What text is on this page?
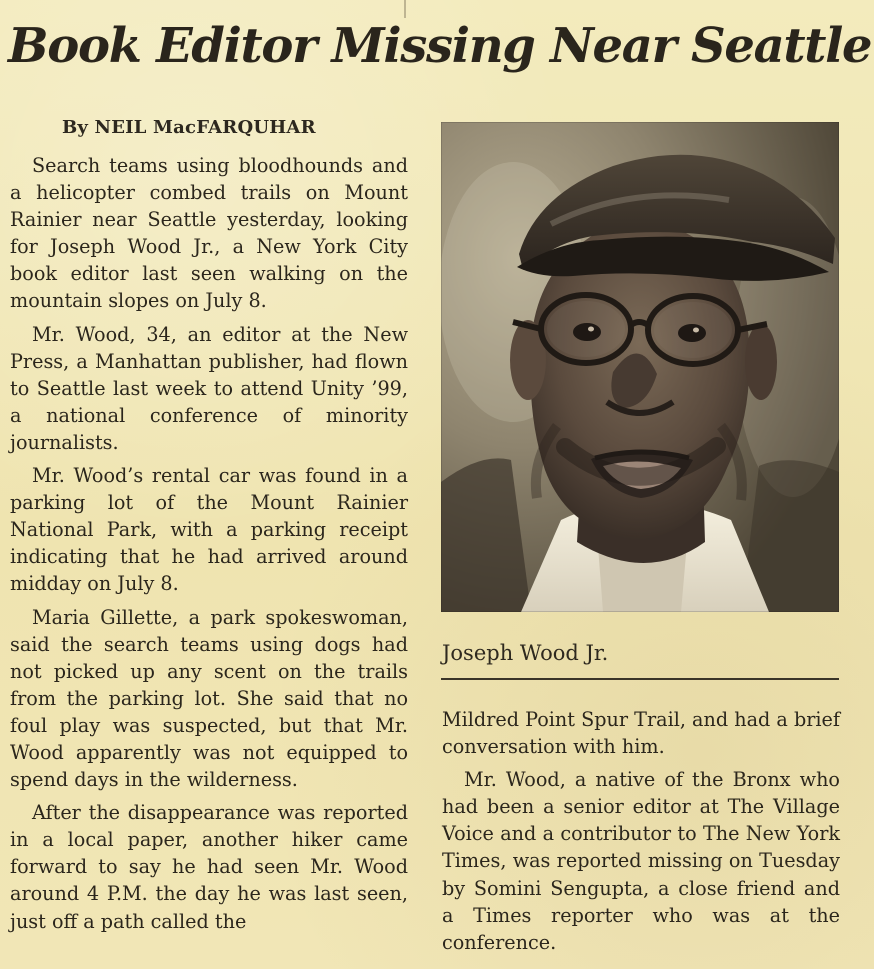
Book Editor Missing Near Seattle
By NEIL MacFARQUHAR

Search teams using bloodhounds and a helicopter combed trails on Mount Rainier near Seattle yesterday, looking for Joseph Wood Jr., a New York City book editor last seen walking on the mountain slopes on July 8.

Mr. Wood, 34, an editor at the New Press, a Manhattan publisher, had flown to Seattle last week to attend Unity ’99, a national conference of minority journalists.

Mr. Wood’s rental car was found in a parking lot of the Mount Rainier National Park, with a parking receipt indicating that he had arrived around midday on July 8.

Maria Gillette, a park spokeswoman, said the search teams using dogs had not picked up any scent on the trails from the parking lot. She said that no foul play was suspected, but that Mr. Wood apparently was not equipped to spend days in the wilderness.

After the disappearance was reported in a local paper, another hiker came forward to say he had seen Mr. Wood around 4 P.M. the day he was last seen, just off a path called the

Joseph Wood Jr.

Mildred Point Spur Trail, and had a brief conversation with him.

Mr. Wood, a native of the Bronx who had been a senior editor at The Village Voice and a contributor to The New York Times, was reported missing on Tuesday by Somini Sengupta, a close friend and a Times reporter who was at the conference.
